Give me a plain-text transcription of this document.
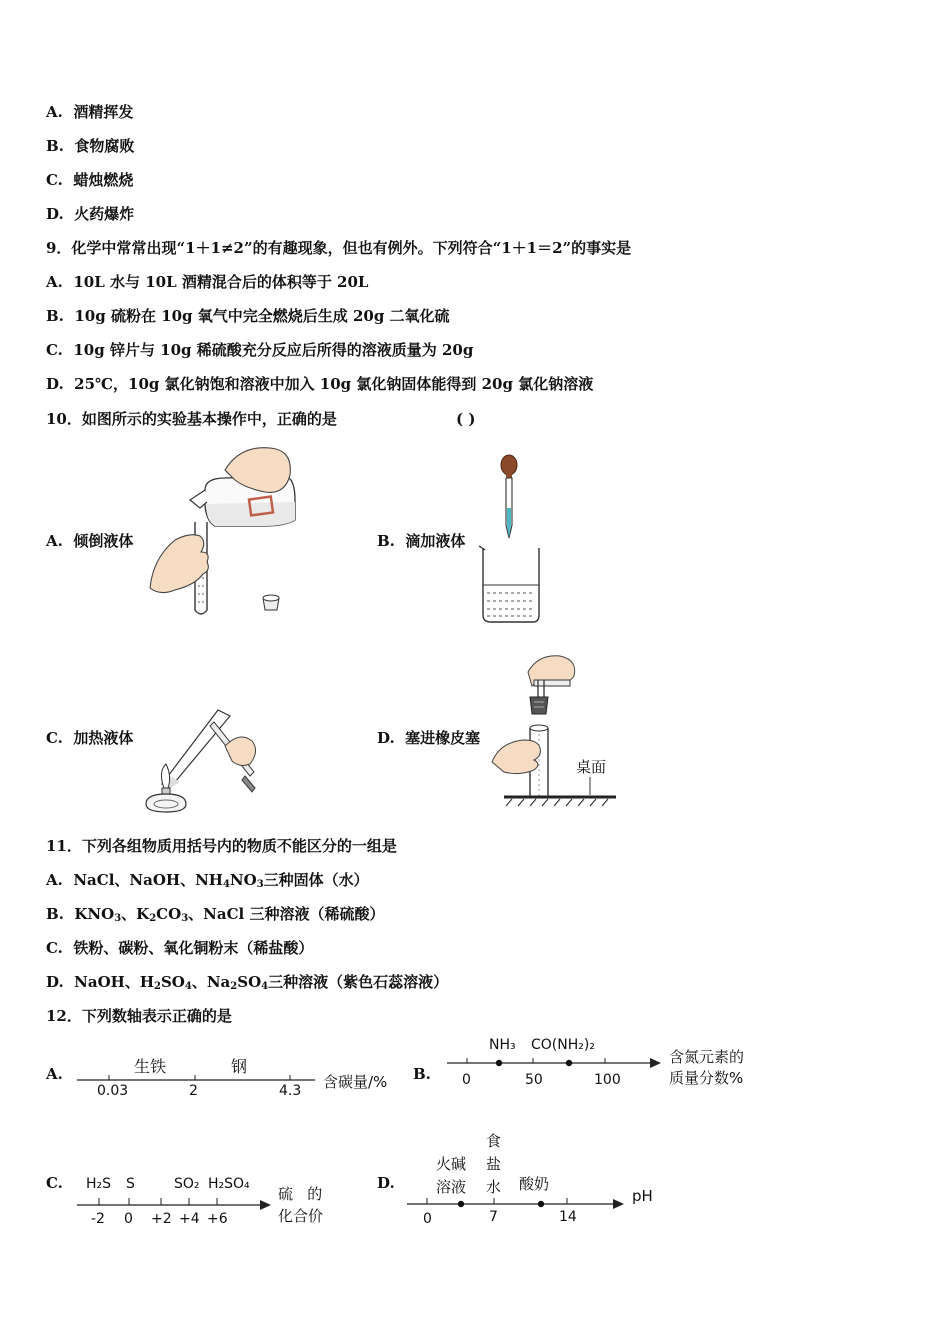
A. 酒精挥发
B. 食物腐败
C. 蜡烛燃烧
D. 火药爆炸
9．化学中常常出现“1＋1≠2”的有趣现象，但也有例外。下列符合“1＋1＝2”的事实是
A. 10L 水与 10L 酒精混合后的体积等于 20L
B. 10g 硫粉在 10g 氧气中完全燃烧后生成 20g 二氧化硫
C. 10g 锌片与 10g 稀硫酸充分反应后所得的溶液质量为 20g
D. 25℃，10g 氯化钠饱和溶液中加入 10g 氯化钠固体能得到 20g 氯化钠溶液
10．如图所示的实验基本操作中，正确的是	( )
A. 倾倒液体	B. 滴加液体
C. 加热液体	D. 塞进橡皮塞
桌面
11．下列各组物质用括号内的物质不能区分的一组是
A. NaCl、NaOH、$NH_4NO_3$三种固体（水）
B. $KNO_3$、$K_2CO_3$、NaCl 三种溶液（稀硫酸）
C. 铁粉、碳粉、氧化铜粉末（稀盐酸）
D. NaOH、$H_2SO_4$、$Na_2SO_4$三种溶液（紫色石蕊溶液）
12．下列数轴表示正确的是
A.	生铁	钢
0.03	2	4.3 含碳量/% B.
NH₃ CO(NH₂)₂
0	50	100
含氮元素的
质量分数%
C. H₂S S	SO₂ H₂SO₄
-2 0 +2 +4 +6
硫   的
化合价
D.
火碱
溶液
食
盐
水 酸奶
0	7	14
pH
